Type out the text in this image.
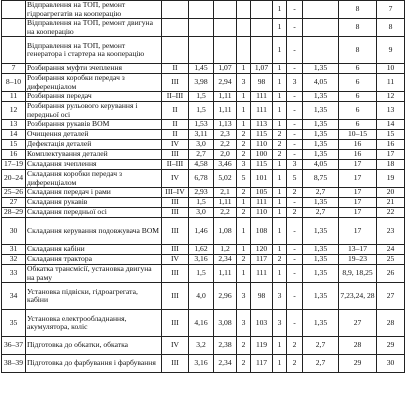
	Відправлення на ТОП, ремонт гідроагрегатів на кооперацію						1	-		8	7
	Відправлення на ТОП, ремонт двигуна на кооперацію						1	-		8	8
	Відправлення на ТОП, ремонт генератора і стартера на кооперацію						1	-		8	9
7	Розбирання муфти зчеплення	II	1,45	1,07	1	1,07	1	-	1,35	6	10
8–10	Розбирання коробки передач з диференціалом	III	3,98	2,94	3	98	1	3	4,05	6	11
11	Розбирання передач	II–III	1,5	1,11	1	111	1	-	1,35	6	12
12	Розбирання рульового керування і передньої осі	II	1,5	1,11	1	111	1	-	1,35	6	13
13	Розбирання рукавів ВОМ	II	1,53	1,13	1	113	1	-	1,35	6	14
14	Очищення деталей	II	3,11	2,3	2	115	2	-	1,35	10–15	15
15	Дефектація деталей	IV	3,0	2,2	2	110	2	-	1,35	16	16
16	Комплектування деталей	III	2,7	2,0	2	100	2	-	1,35	16	17
17–19	Складання зчеплення	II–III	4,58	3,46	3	115	1	3	4,05	17	18
20–24	Складання коробки передач з диференціалом	IV	6,78	5,02	5	101	1	5	8,75	17	19
25–26	Складання передач і рами	III–IV	2,93	2,1	2	105	1	2	2,7	17	20
27	Складання рукавів	III	1,5	1,11	1	111	1	-	1,35	17	21
28–29	Складання передньої осі	III	3,0	2,2	2	110	1	2	2,7	17	22
30	Складання керування подовжувача ВОМ	III	1,46	1,08	1	108	1	-	1,35	17	23
31	Складання кабіни	III	1,62	1,2	1	120	1	-	1,35	13–17	24
32	Складання трактора	IV	3,16	2,34	2	117	2	-	1,35	19–23	25
33	Обкатка трансмісії, установка двигуна на раму	III	1,5	1,11	1	111	1	-	1,35	8,9, 18,25	26
34	Установка підвіски, гідроагрегата, кабіни	III	4,0	2,96	3	98	3	-	1,35	7,23,24, 28	27
35	Установка електрообладнання, акумулятора, коліс	III	4,16	3,08	3	103	3	-	1,35	27	28
36–37	Підготовка до обкатки, обкатка	IV	3,2	2,38	2	119	1	2	2,7	28	29
38–39	Підготовка до фарбування і фарбування	III	3,16	2,34	2	117	1	2	2,7	29	30
